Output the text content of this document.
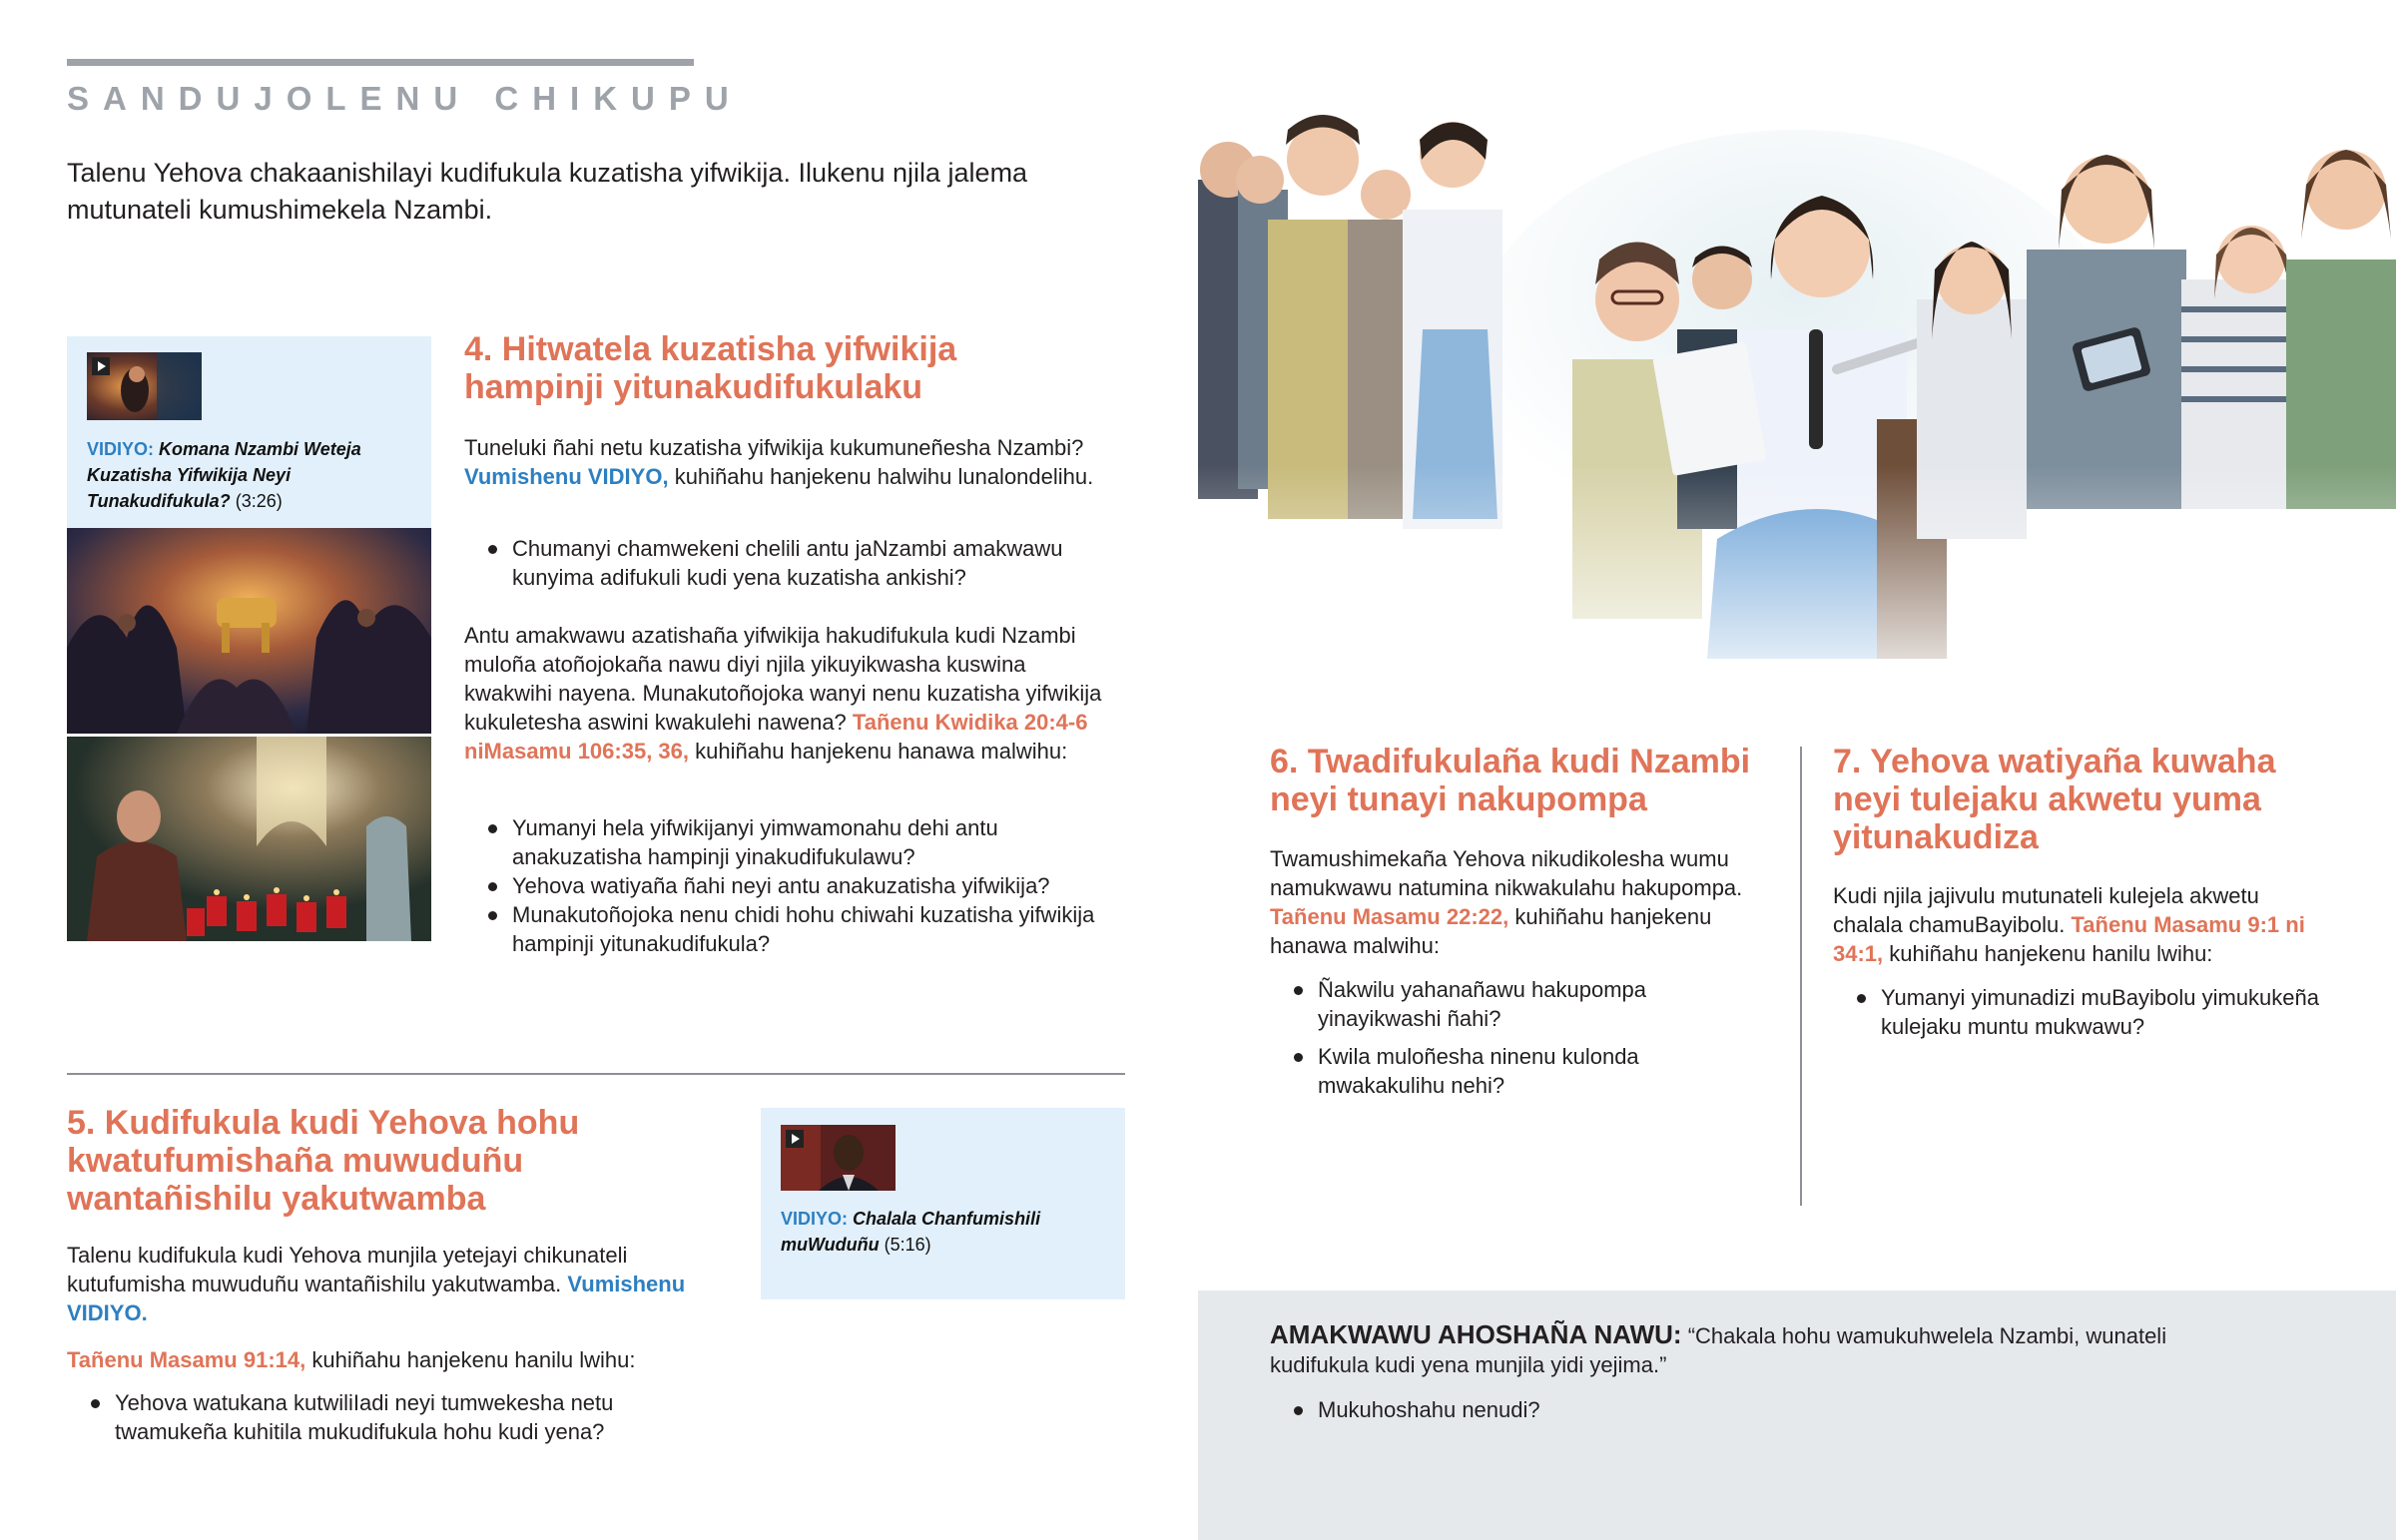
SANDUJOLENU CHIKUPU

Talenu Yehova chakaanishilayi kudifukula kuzatisha yifwikija. Ilukenu njila jalema mutunateli kumushimekela Nzambi.

VIDIYO: Komana Nzambi Weteja Kuzatisha Yifwikija Neyi Tunakudifukula? (3:26)
4. Hitwatela kuzatisha yifwikija hampinji yitunakudifukulaku

Tuneluki ñahi netu kuzatisha yifwikija kukumuneñesha Nzambi? Vumishenu VIDIYO, kuhiñahu hanjekenu halwihu lunalondelihu.

Chumanyi chamwekeni chelili antu jaNzambi amakwawu kunyima adifukuli kudi yena kuzatisha ankishi?

Antu amakwawu azatishaña yifwikija hakudifukula kudi Nzambi muloña atoñojokaña nawu diyi njila yikuyikwasha kuswina kwakwihi nayena. Munakutoñojoka wanyi nenu kuzatisha yifwikija kukuletesha aswini kwakulehi nawena? Tañenu Kwidika 20:4-6 niMasamu 106:35, 36, kuhiñahu hanjekenu hanawa malwihu:

Yumanyi hela yifwikijanyi yimwamonahu dehi antu anakuzatisha hampinji yinakudifukulawu?
Yehova watiyaña ñahi neyi antu anakuzatisha yifwikija?
Munakutoñojoka nenu chidi hohu chiwahi kuzatisha yifwikija hampinji yitunakudifukula?
5. Kudifukula kudi Yehova hohu kwatufumishaña muwuduñu wantañishilu yakutwamba

Talenu kudifukula kudi Yehova munjila yetejayi chikunateli kutufumisha muwuduñu wantañishilu yakutwamba. Vumishenu VIDIYO.

Tañenu Masamu 91:14, kuhiñahu hanjekenu hanilu lwihu:

Yehova watukana kutwiliIadi neyi tumwekesha netu twamukeña kuhitila mukudifukula hohu kudi yena?
VIDIYO: Chalala Chanfumishili muWuduñu (5:16)
6. Twadifukulaña kudi Nzambi neyi tunayi nakupompa

Twamushimekaña Yehova nikudikolesha wumu namukwawu natumina nikwakulahu hakupompa. Tañenu Masamu 22:22, kuhiñahu hanjekenu hanawa malwihu:

Ñakwilu yahanañawu hakupompa yinayikwashi ñahi?
Kwila muloñesha ninenu kulonda mwakakulihu nehi?
7. Yehova watiyaña kuwaha neyi tulejaku akwetu yuma yitunakudiza

Kudi njila jajivulu mutunateli kulejela akwetu chalala chamuBayibolu. Tañenu Masamu 9:1 ni 34:1, kuhiñahu hanjekenu hanilu lwihu:

Yumanyi yimunadizi muBayibolu yimukukeña kulejaku muntu mukwawu?

AMAKWAWU AHOSHAÑA NAWU: “Chakala hohu wamukuhwelela Nzambi, wunateli kudifukula kudi yena munjila yidi yejima.”

Mukuhoshahu nenudi?
